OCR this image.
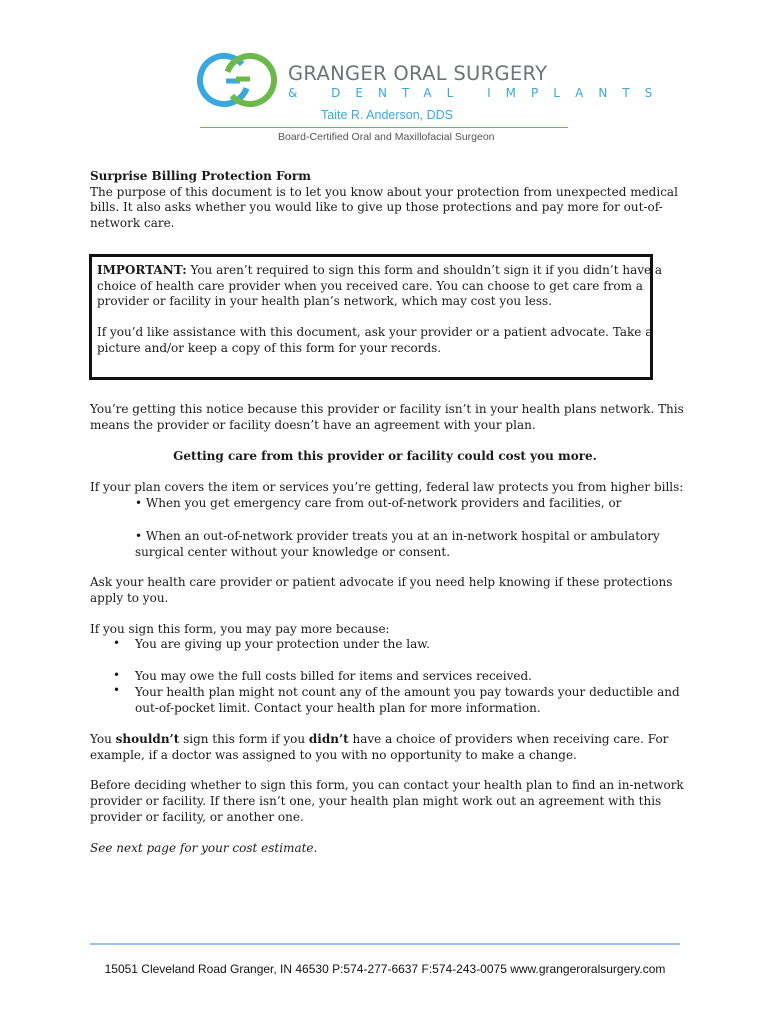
GRANGER ORAL SURGERY
& DENTAL IMPLANTS
Taite R. Anderson, DDS
Board-Certified Oral and Maxillofacial Surgeon

Surprise Billing Protection Form

The purpose of this document is to let you know about your protection from unexpected medical

bills. It also asks whether you would like to give up those protections and pay more for out-of-

network care.

IMPORTANT: You aren’t required to sign this form and shouldn’t sign it if you didn’t have a

choice of health care provider when you received care. You can choose to get care from a

provider or facility in your health plan’s network, which may cost you less.

If you’d like assistance with this document, ask your provider or a patient advocate. Take a

picture and/or keep a copy of this form for your records.

You’re getting this notice because this provider or facility isn’t in your health plans network. This

means the provider or facility doesn’t have an agreement with your plan.

Getting care from this provider or facility could cost you more.

If your plan covers the item or services you’re getting, federal law protects you from higher bills:

• When you get emergency care from out-of-network providers and facilities, or

• When an out-of-network provider treats you at an in-network hospital or ambulatory

surgical center without your knowledge or consent.

Ask your health care provider or patient advocate if you need help knowing if these protections

apply to you.

If you sign this form, you may pay more because:

• You are giving up your protection under the law.

• You may owe the full costs billed for items and services received.

• Your health plan might not count any of the amount you pay towards your deductible and

out-of-pocket limit. Contact your health plan for more information.

You shouldn’t sign this form if you didn’t have a choice of providers when receiving care. For

example, if a doctor was assigned to you with no opportunity to make a change.

Before deciding whether to sign this form, you can contact your health plan to find an in-network

provider or facility. If there isn’t one, your health plan might work out an agreement with this

provider or facility, or another one.

See next page for your cost estimate.

15051 Cleveland Road Granger, IN 46530 P:574-277-6637 F:574-243-0075 www.grangeroralsurgery.com
